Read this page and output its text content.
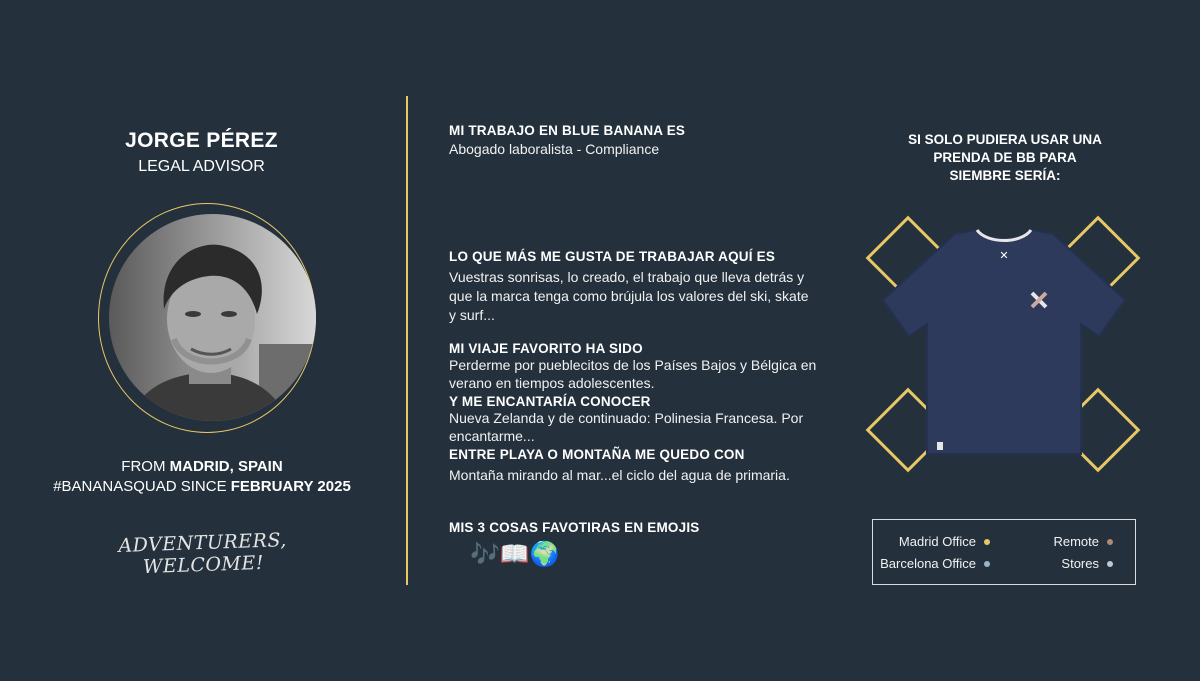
JORGE PÉREZ
LEGAL ADVISOR
FROM MADRID, SPAIN
#BANANASQUAD SINCE FEBRUARY 2025
ADVENTURERS, WELCOME!
MI TRABAJO EN BLUE BANANA ES
Abogado laboralista - Compliance
LO QUE MÁS ME GUSTA DE TRABAJAR AQUÍ ES
Vuestras sonrisas, lo creado, el trabajo que lleva detrás y que la marca tenga como brújula los valores del ski, skate y surf...
MI VIAJE FAVORITO HA SIDO
Perderme por pueblecitos de los Países Bajos y Bélgica en verano en tiempos adolescentes.
Y ME ENCANTARÍA CONOCER
Nueva Zelanda y de continuado: Polinesia Francesa. Por encantarme...
ENTRE PLAYA O MONTAÑA ME QUEDO CON
Montaña mirando al mar...el ciclo del agua de primaria.
MIS 3 COSAS FAVOTIRAS EN EMOJIS
🎶📖🌍
SI SOLO PUDIERA USAR UNA PRENDA DE BB PARA SIEMBRE SERÍA:
✕
Madrid Office	Remote
Barcelona Office	Stores
